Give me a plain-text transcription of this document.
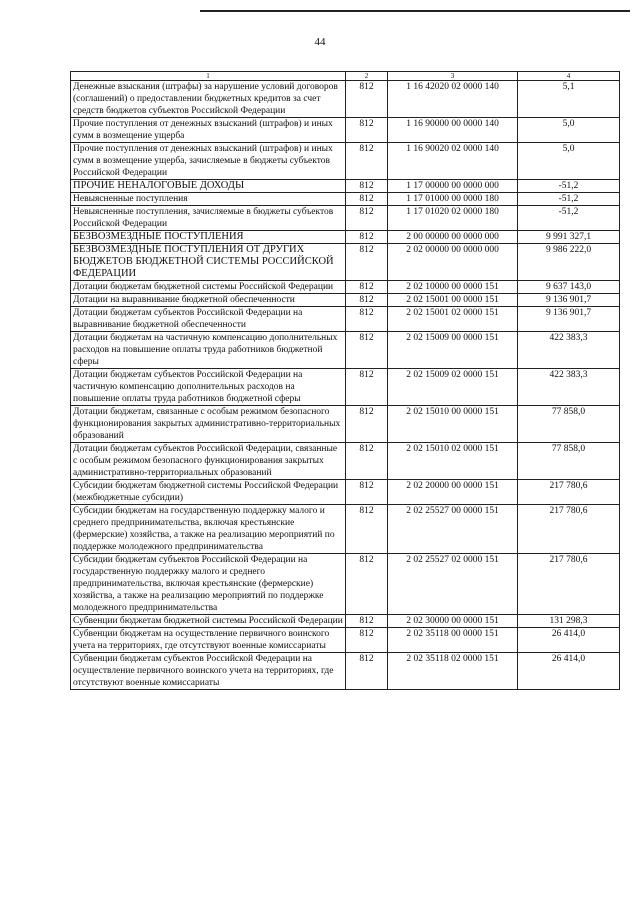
44
1	2	3	4
Денежные взыскания (штрафы) за нарушение условий договоров (соглашений) о предоставлении бюджетных кредитов за счет средств бюджетов субъектов Российской Федерации	812	1 16 42020 02 0000 140	5,1
Прочие поступления от денежных взысканий (штрафов) и иных сумм в возмещение ущерба	812	1 16 90000 00 0000 140	5,0
Прочие поступления от денежных взысканий (штрафов) и иных сумм в возмещение ущерба, зачисляемые в бюджеты субъектов Российской Федерации	812	1 16 90020 02 0000 140	5,0
ПРОЧИЕ НЕНАЛОГОВЫЕ ДОХОДЫ	812	1 17 00000 00 0000 000	-51,2
Невыясненные поступления	812	1 17 01000 00 0000 180	-51,2
Невыясненные поступления, зачисляемые в бюджеты субъектов Российской Федерации	812	1 17 01020 02 0000 180	-51,2
БЕЗВОЗМЕЗДНЫЕ ПОСТУПЛЕНИЯ	812	2 00 00000 00 0000 000	9 991 327,1
БЕЗВОЗМЕЗДНЫЕ ПОСТУПЛЕНИЯ ОТ ДРУГИХ БЮДЖЕТОВ БЮДЖЕТНОЙ СИСТЕМЫ РОССИЙСКОЙ ФЕДЕРАЦИИ	812	2 02 00000 00 0000 000	9 986 222,0
Дотации бюджетам бюджетной системы Российской Федерации	812	2 02 10000 00 0000 151	9 637 143,0
Дотации на выравнивание бюджетной обеспеченности	812	2 02 15001 00 0000 151	9 136 901,7
Дотации бюджетам субъектов Российской Федерации на выравнивание бюджетной обеспеченности	812	2 02 15001 02 0000 151	9 136 901,7
Дотации бюджетам на частичную компенсацию дополнительных расходов на повышение оплаты труда работников бюджетной сферы	812	2 02 15009 00 0000 151	422 383,3
Дотации бюджетам субъектов Российской Федерации на частичную компенсацию дополнительных расходов на повышение оплаты труда работников бюджетной сферы	812	2 02 15009 02 0000 151	422 383,3
Дотации бюджетам, связанные с особым режимом безопасного функционирования закрытых административно-территориальных образований	812	2 02 15010 00 0000 151	77 858,0
Дотации бюджетам субъектов Российской Федерации, связанные с особым режимом безопасного функционирования закрытых административно-территориальных образований	812	2 02 15010 02 0000 151	77 858,0
Субсидии бюджетам бюджетной системы Российской Федерации (межбюджетные субсидии)	812	2 02 20000 00 0000 151	217 780,6
Субсидии бюджетам на государственную поддержку малого и среднего предпринимательства, включая крестьянские (фермерские) хозяйства, а также на реализацию мероприятий по поддержке молодежного предпринимательства	812	2 02 25527 00 0000 151	217 780,6
Субсидии бюджетам субъектов Российской Федерации на государственную поддержку малого и среднего предпринимательства, включая крестьянские (фермерские) хозяйства, а также на реализацию мероприятий по поддержке молодежного предпринимательства	812	2 02 25527 02 0000 151	217 780,6
Субвенции бюджетам бюджетной системы Российской Федерации	812	2 02 30000 00 0000 151	131 298,3
Субвенции бюджетам на осуществление первичного воинского учета на территориях, где отсутствуют военные комиссариаты	812	2 02 35118 00 0000 151	26 414,0
Субвенции бюджетам субъектов Российской Федерации на осуществление первичного воинского учета на территориях, где отсутствуют военные комиссариаты	812	2 02 35118 02 0000 151	26 414,0
